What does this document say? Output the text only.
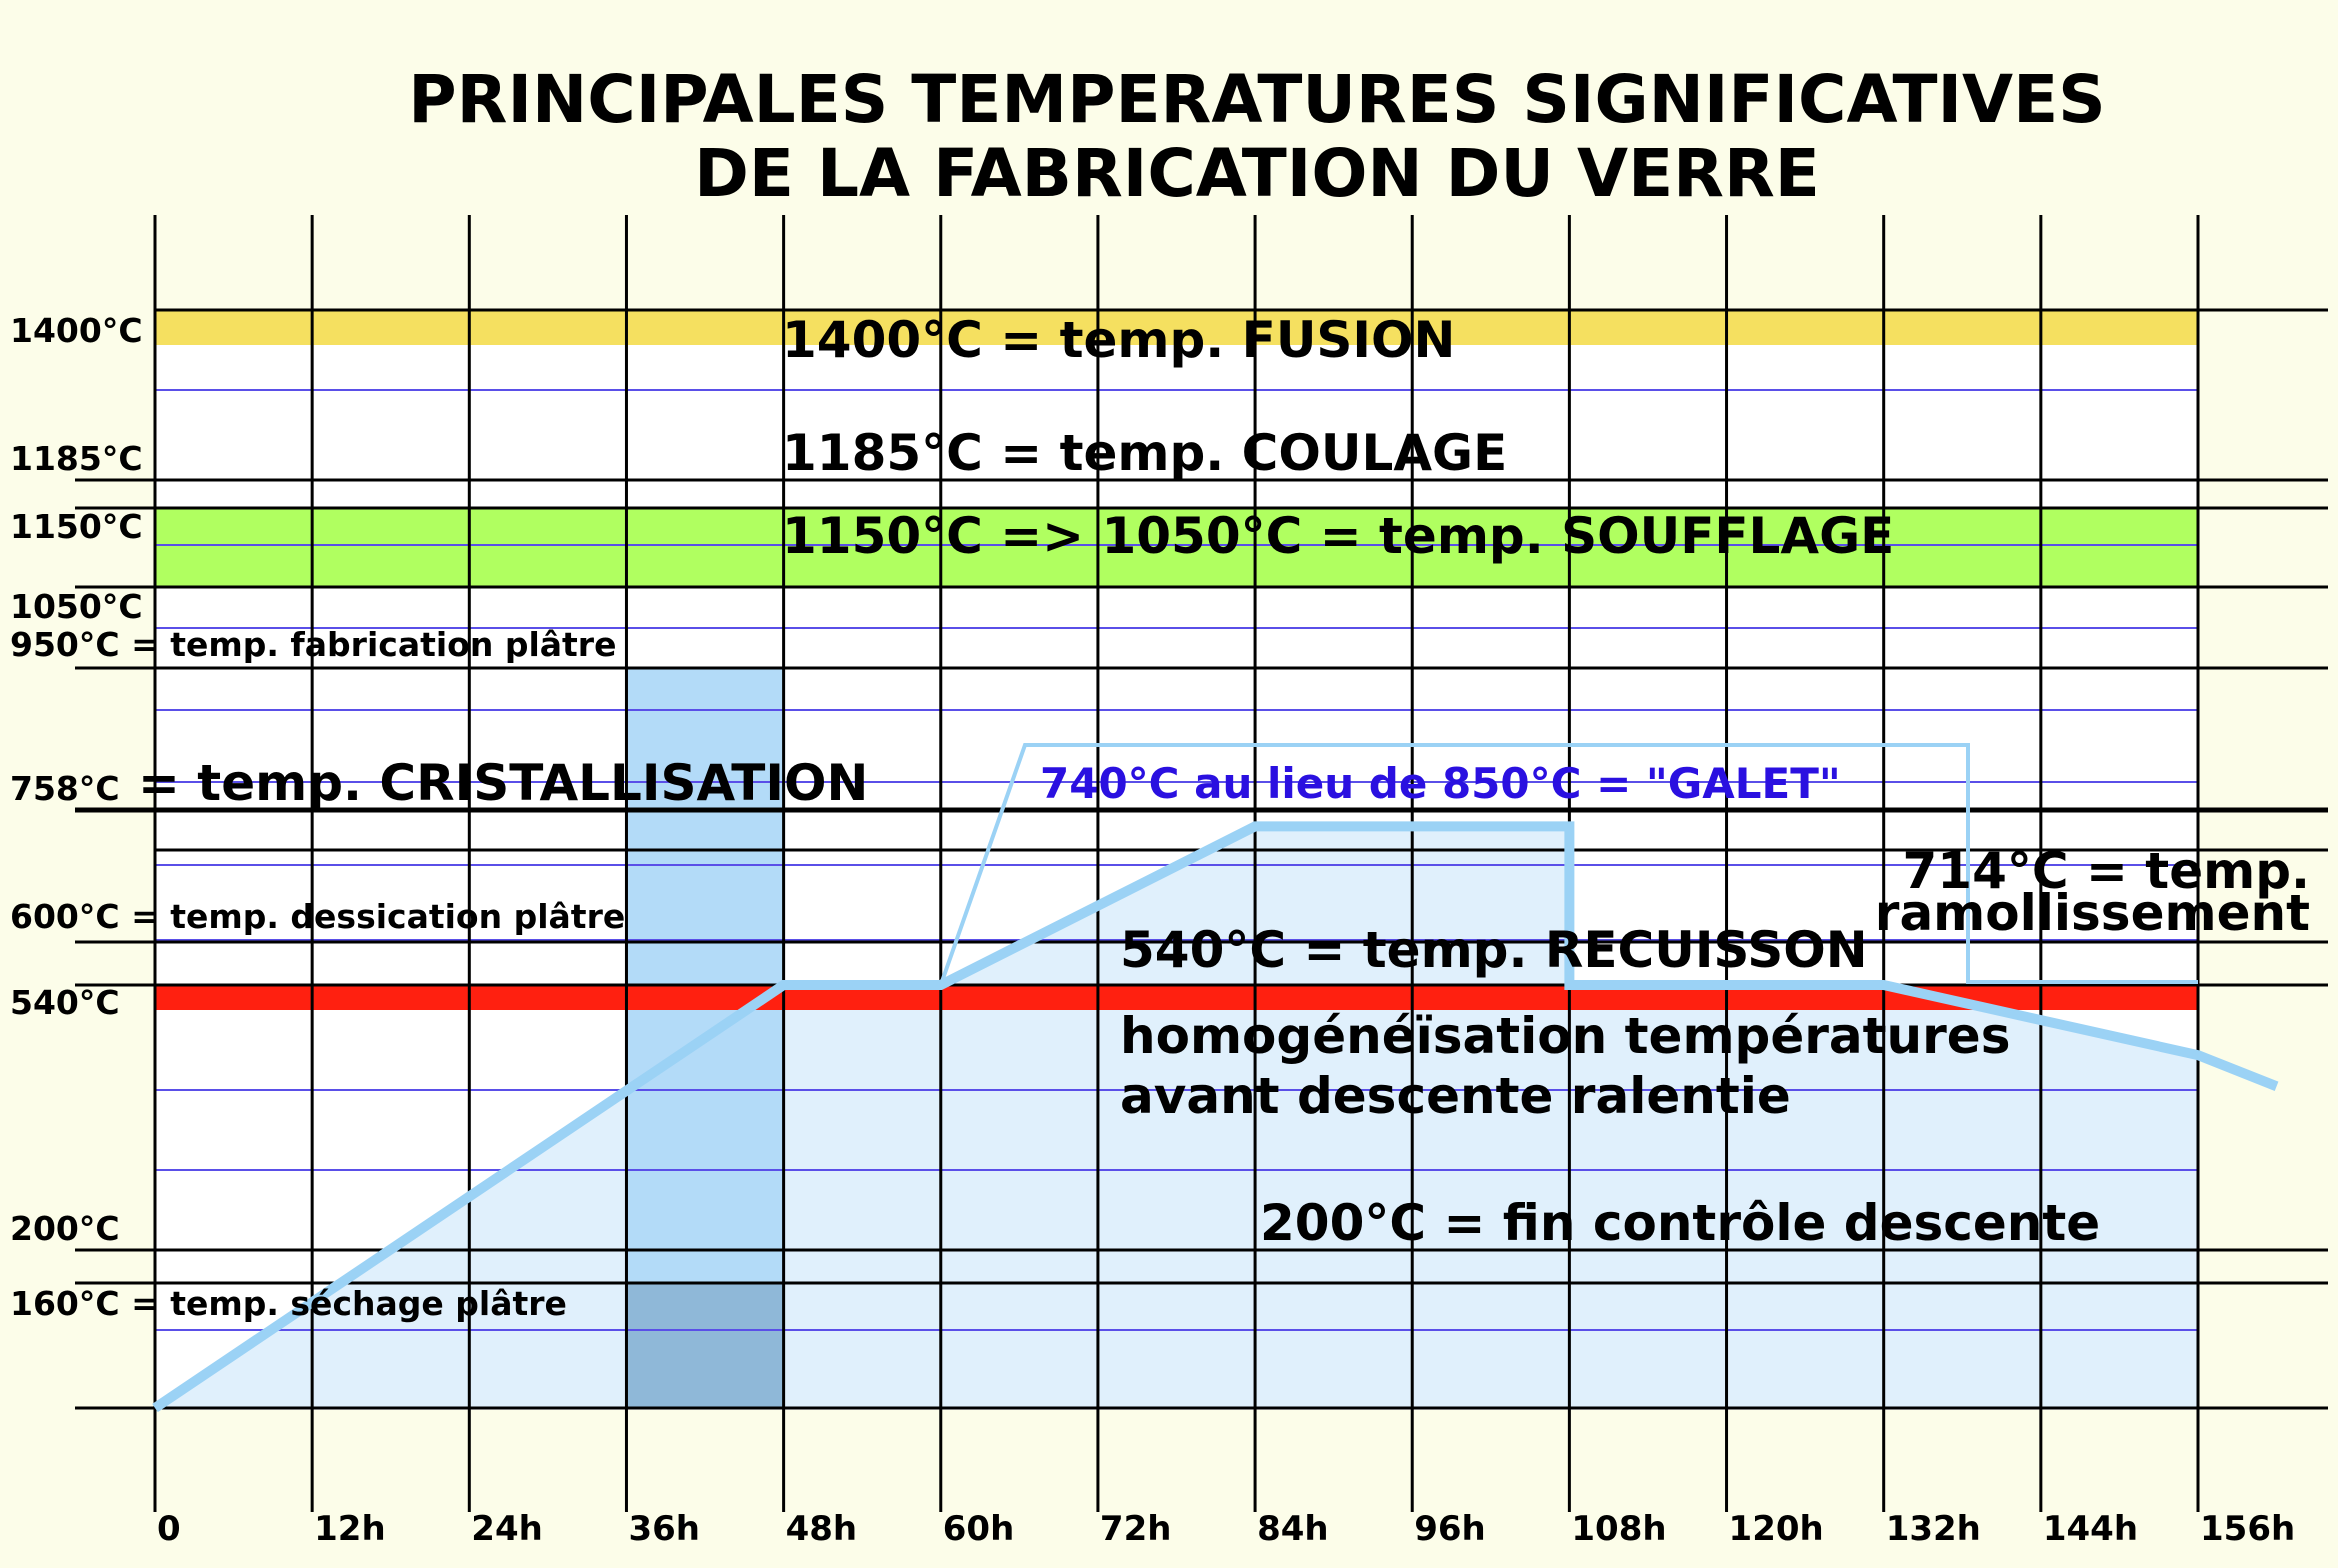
PRINCIPALES TEMPERATURES SIGNIFICATIVES
DE LA FABRICATION DU VERRE
0	12h	24h	36h	48h	60h	72h	84h	96h	108h 120h 132h 144h 156h
1400°C
1185°C
1150°C
1050°C
950°C = temp. fabrication plâtre
758°C
600°C = temp. dessication plâtre
540°C
200°C
160°C = temp. séchage plâtre
1400°C = temp. FUSION
1150°C => 1050°C = temp. SOUFFLAGE
540°C = temp. RECUISSON
1185°C = temp. COULAGE
= temp. CRISTALLISATION	740°C au lieu de 850°C = "GALET"
714°C = temp.
ramollissement
homogénéïsation températures
avant descente ralentie
200°C = fin contrôle descente
